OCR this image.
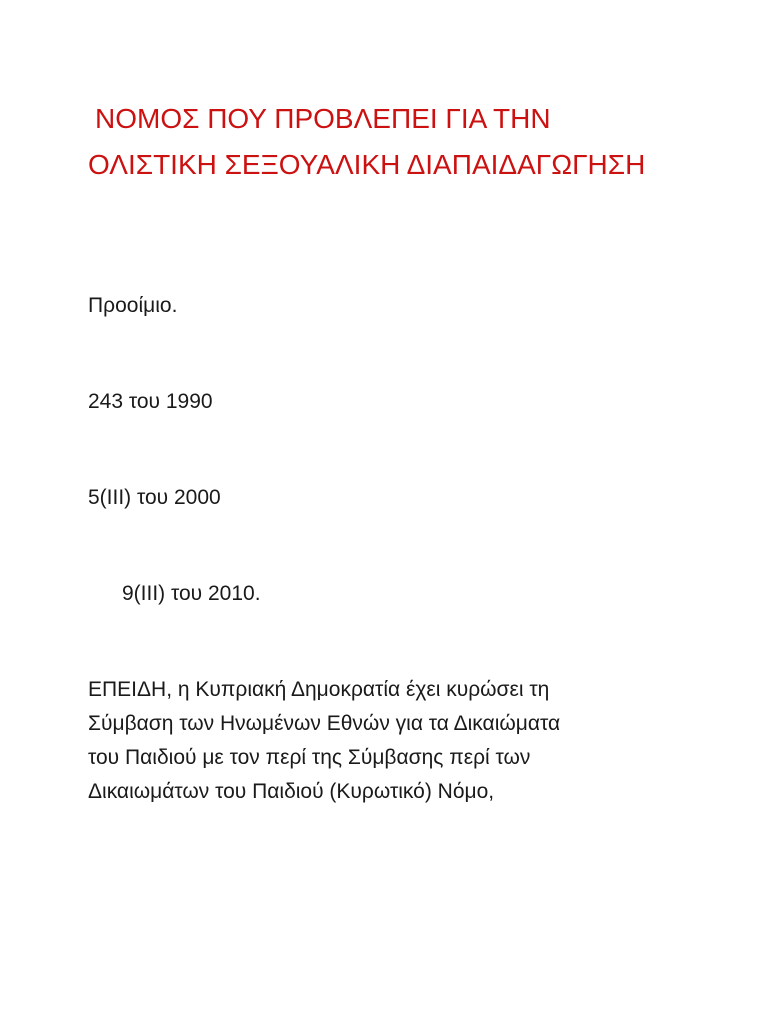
ΝΟΜΟΣ ΠΟΥ ΠΡΟΒΛΕΠΕΙ ΓΙΑ ΤΗΝ
ΟΛΙΣΤΙΚΗ ΣΕΞΟΥΑΛΙΚΗ ΔΙΑΠΑΙΔΑΓΩΓΗΣΗ

Προοίμιο.

243 του 1990

5(ΙΙΙ) του 2000

9(ΙΙΙ) του 2010.

ΕΠΕΙΔΗ, η Κυπριακή Δημοκρατία έχει κυρώσει τη
Σύμβαση των Ηνωμένων Εθνών για τα Δικαιώματα
του Παιδιού με τον περί της Σύμβασης περί των
Δικαιωμάτων του Παιδιού (Κυρωτικό) Νόμο,
